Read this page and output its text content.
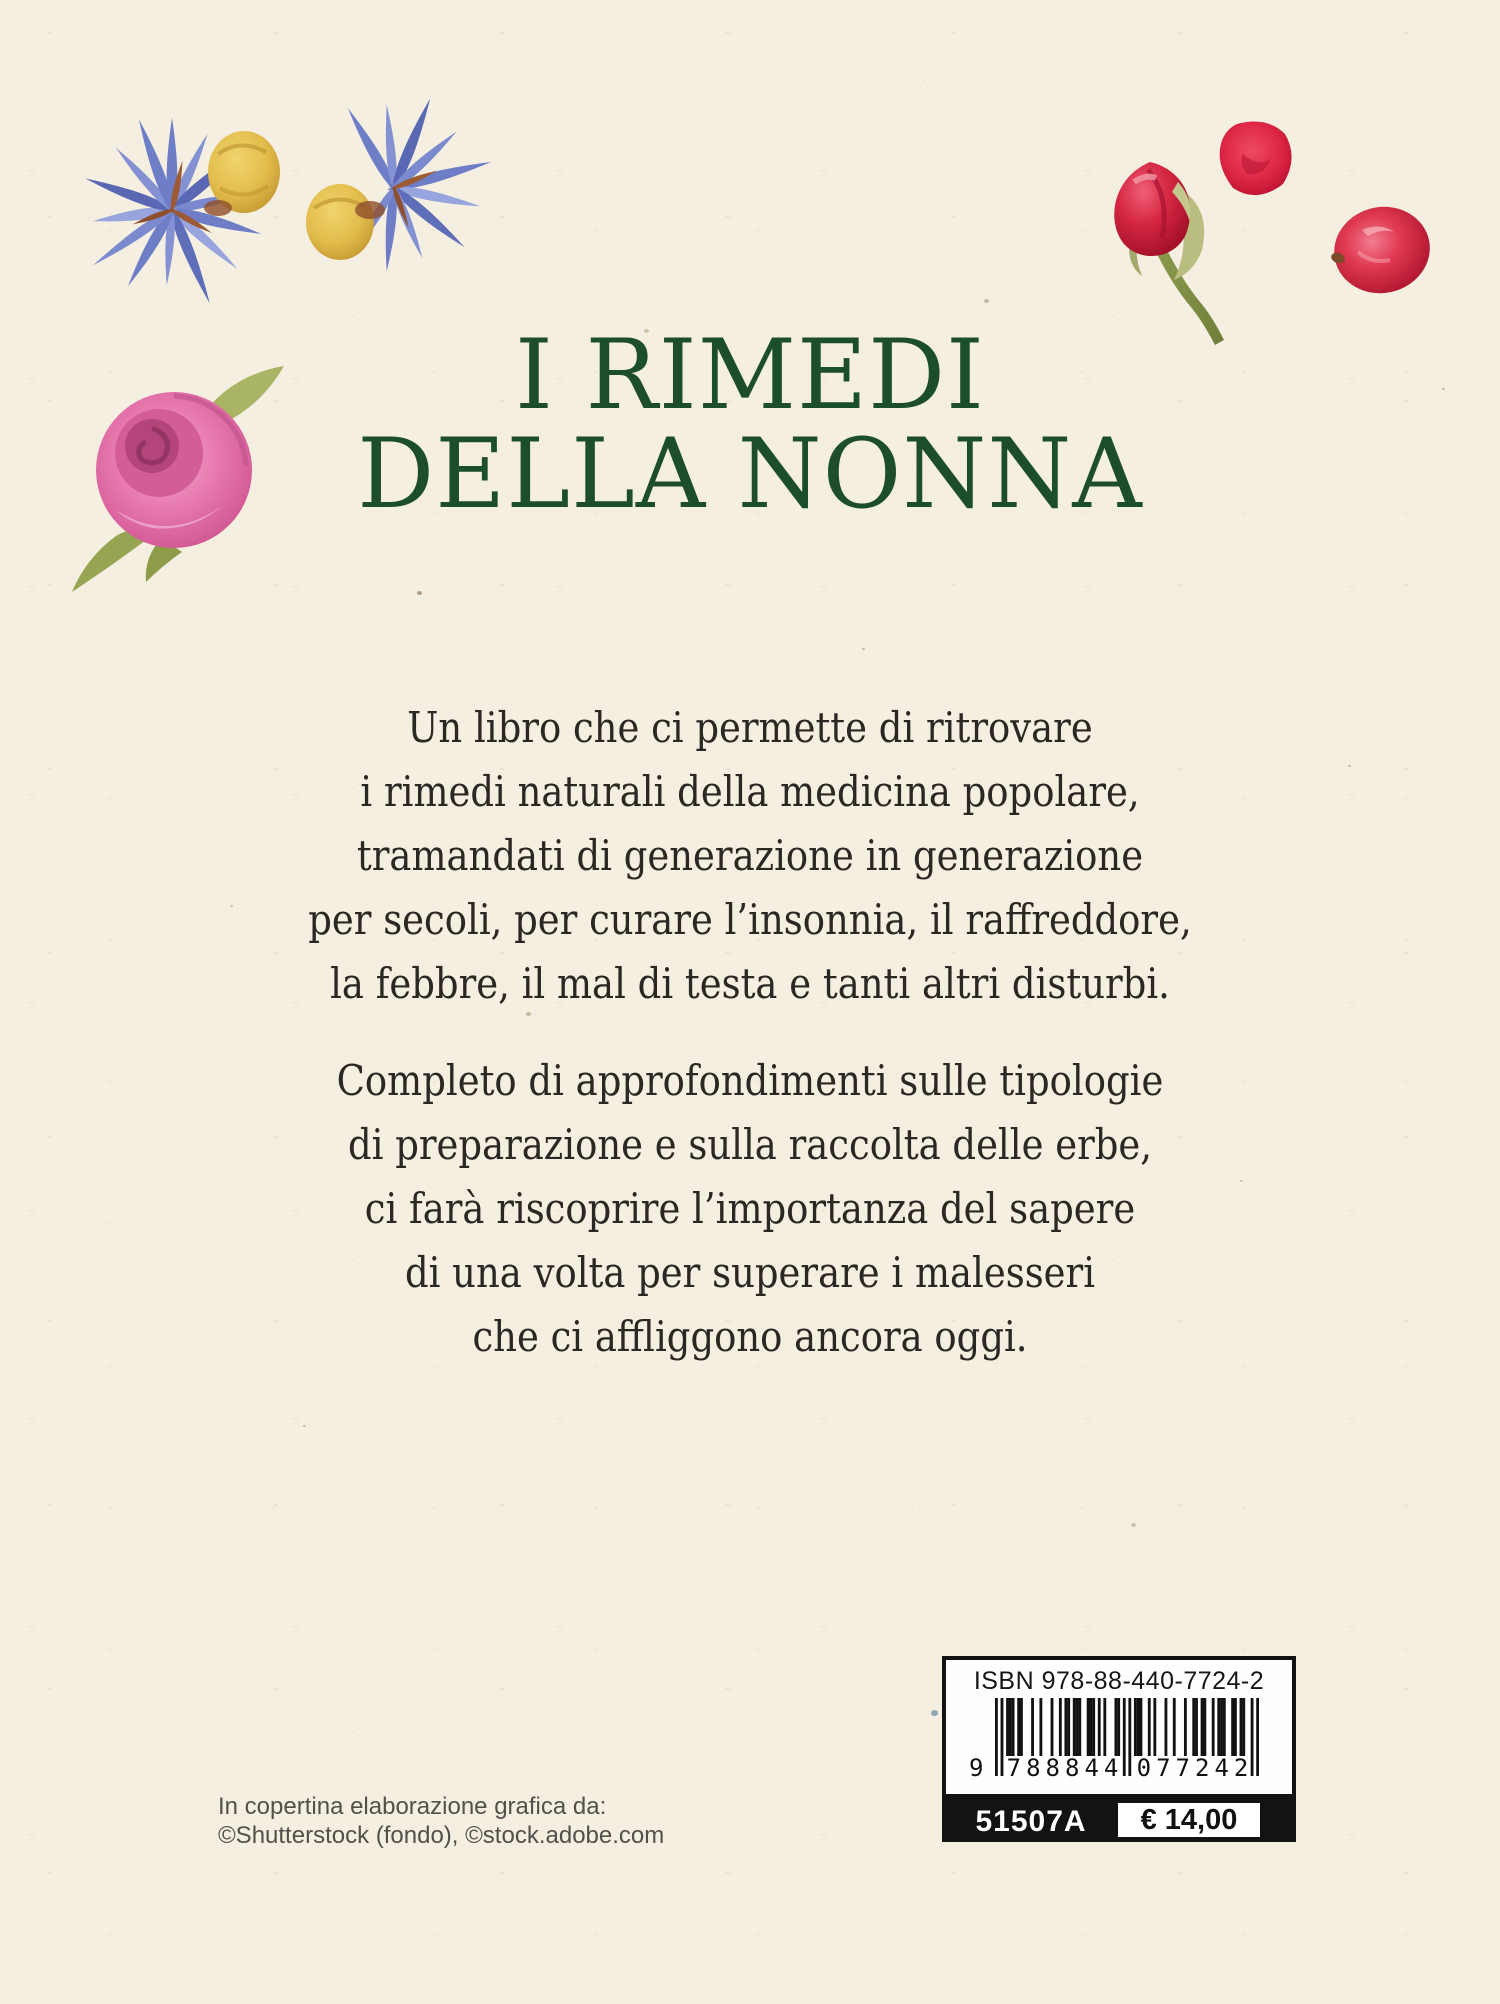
I RIMEDI
DELLA NONNA
Un libro che ci permette di ritrovare
i rimedi naturali della medicina popolare,
tramandati di generazione in generazione
per secoli, per curare l’insonnia, il raffreddore,
la febbre, il mal di testa e tanti altri disturbi.
Completo di approfondimenti sulle tipologie
di preparazione e sulla raccolta delle erbe,
ci farà riscoprire l’importanza del sapere
di una volta per superare i malesseri
che ci affliggono ancora oggi.
In copertina elaborazione grafica da:
©Shutterstock (fondo), ©stock.adobe.com
ISBN 978-88-440-7724-2
9 788844 077242
51507A	€ 14,00
